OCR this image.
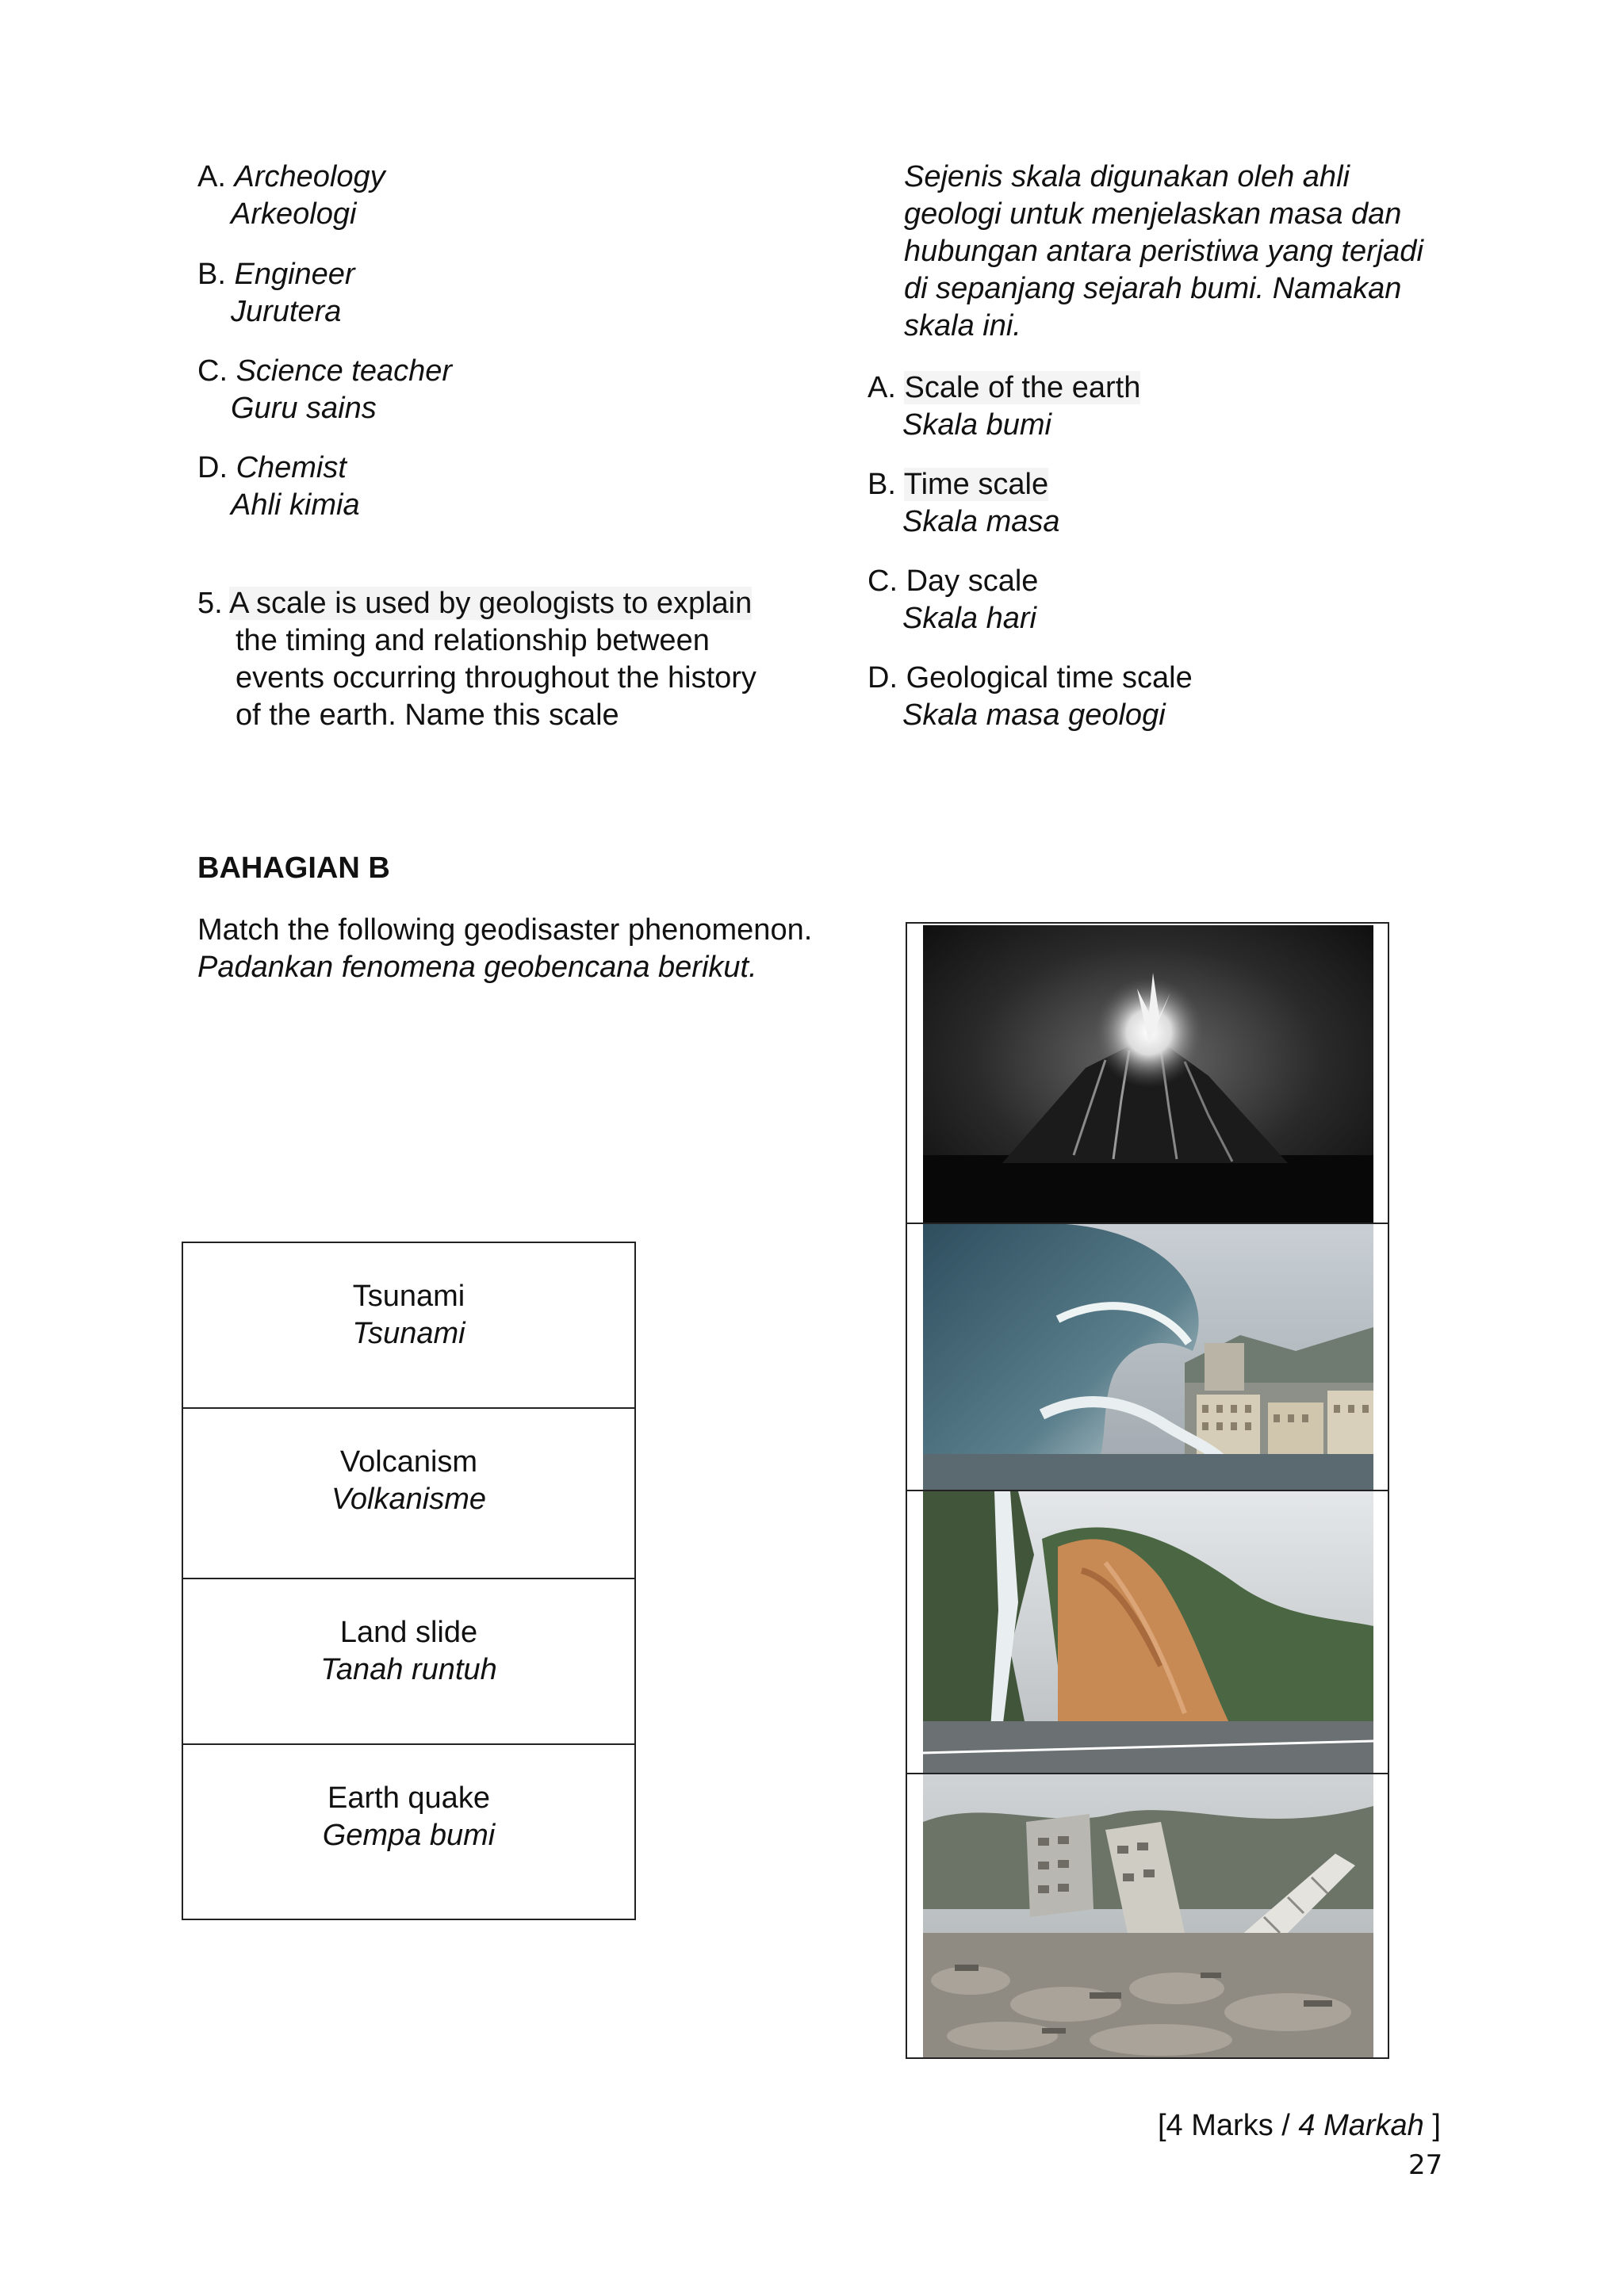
A. Archeology
Arkeologi
B. Engineer
Jurutera
C. Science teacher
Guru sains
D. Chemist
Ahli kimia
5. A scale is used by geologists to explain
the timing and relationship between
events occurring throughout the history
of the earth. Name this scale
Sejenis skala digunakan oleh ahli
geologi untuk menjelaskan masa dan
hubungan antara peristiwa yang terjadi
di sepanjang sejarah bumi. Namakan
skala ini.
A. Scale of the earth
Skala bumi
B. Time scale
Skala masa
C. Day scale
Skala hari
D. Geological time scale
Skala masa geologi
BAHAGIAN B
Match the following geodisaster phenomenon.
Padankan fenomena geobencana berikut.
Tsunami
Tsunami
Volcanism
Volkanisme
Land slide
Tanah runtuh
Earth quake
Gempa bumi
[4 Marks / 4 Markah ]
27
